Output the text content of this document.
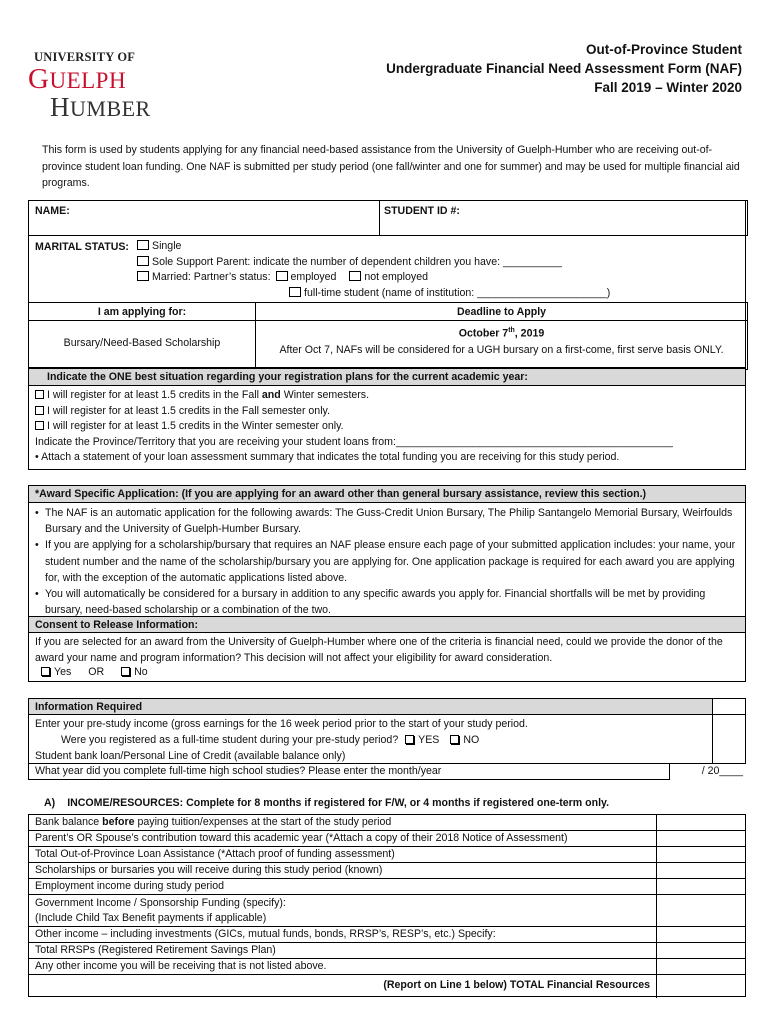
UNIVERSITY OF
GUELPH
HUMBER
Out-of-Province Student
Undergraduate Financial Need Assessment Form (NAF)
Fall 2019 – Winter 2020
This form is used by students applying for any financial need-based assistance from the University of Guelph-Humber who are receiving out-of-province student loan funding. One NAF is submitted per study period (one fall/winter and one for summer) and may be used for multiple financial aid programs.
NAME:	STUDENT ID #:
MARITAL STATUS:	Single
Sole Support Parent: indicate the number of dependent children you have: __________
Married: Partner’s status: employed	not employed
full-time student (name of institution: ______________________)
I am applying for:	Deadline to Apply
Bursary/Need-Based Scholarship
October 7th, 2019
After Oct 7, NAFs will be considered for a UGH bursary on a first-come, first serve basis ONLY.
Indicate the ONE best situation regarding your registration plans for the current academic year:
I will register for at least 1.5 credits in the Fall and Winter semesters.
I will register for at least 1.5 credits in the Fall semester only.
I will register for at least 1.5 credits in the Winter semester only.
Indicate the Province/Territory that you are receiving your student loans from:_______________________________________________
• Attach a statement of your loan assessment summary that indicates the total funding you are receiving for this study period.
*Award Specific Application: (If you are applying for an award other than general bursary assistance, review this section.)
• The NAF is an automatic application for the following awards: The Guss-Credit Union Bursary, The Philip Santangelo Memorial Bursary, Weirfoulds Bursary and the University of Guelph-Humber Bursary.
• If you are applying for a scholarship/bursary that requires an NAF please ensure each page of your submitted application includes: your name, your student number and the name of the scholarship/bursary you are applying for. One application package is required for each award you are applying for, with the exception of the automatic applications listed above.
• You will automatically be considered for a bursary in addition to any specific awards you apply for. Financial shortfalls will be met by providing bursary, need-based scholarship or a combination of the two.
Consent to Release Information:
If you are selected for an award from the University of Guelph-Humber where one of the criteria is financial need, could we provide the donor of the award your name and program information? This decision will not affect your eligibility for award consideration.
Yes OR	No
Information Required
Enter your pre-study income (gross earnings for the 16 week period prior to the start of your study period.
Were you registered as a full-time student during your pre-study period? YES NO
Student bank loan/Personal Line of Credit (available balance only)
What year did you complete full-time high school studies? Please enter the month/year	/ 20____
A) INCOME/RESOURCES: Complete for 8 months if registered for F/W, or 4 months if registered one-term only.
Bank balance before paying tuition/expenses at the start of the study period
Parent’s OR Spouse’s contribution toward this academic year (*Attach a copy of their 2018 Notice of Assessment)
Total Out-of-Province Loan Assistance (*Attach proof of funding assessment)
Scholarships or bursaries you will receive during this study period (known)
Employment income during study period
Government Income / Sponsorship Funding (specify):
(Include Child Tax Benefit payments if applicable)
Other income – including investments (GICs, mutual funds, bonds, RRSP’s, RESP’s, etc.) Specify:
Total RRSPs (Registered Retirement Savings Plan)
Any other income you will be receiving that is not listed above.
(Report on Line 1 below) TOTAL Financial Resources
